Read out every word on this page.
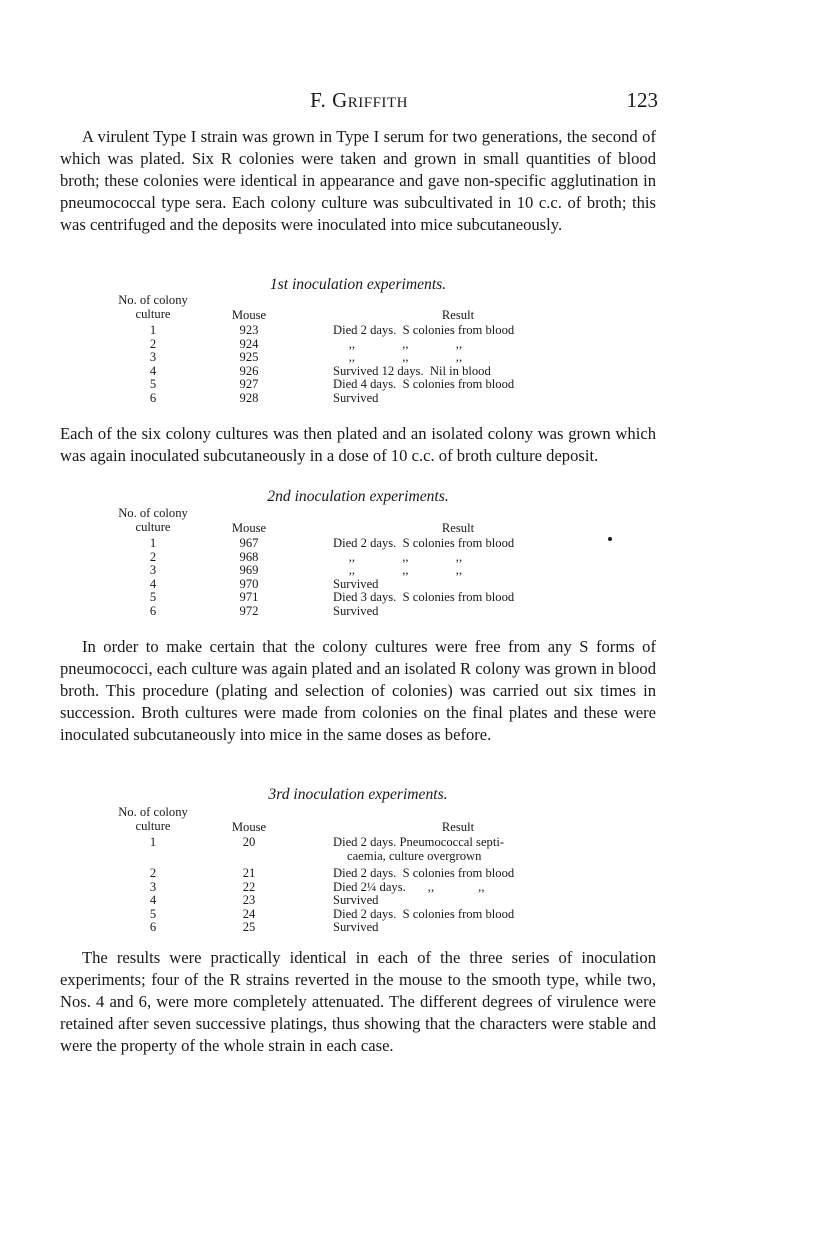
F. Griffith	123

A virulent Type I strain was grown in Type I serum for two generations, the second of which was plated. Six R colonies were taken and grown in small quantities of blood broth; these colonies were identical in appearance and gave non-specific agglutination in pneumococcal type sera. Each colony culture was subcultivated in 10 c.c. of broth; this was centrifuged and the deposits were inoculated into mice subcutaneously.

1st inoculation experiments.
No. of colony culture	Mouse	Result
1	923	Died 2 days.  S colonies from blood
2	924	,,               ,,               ,,
3	925	,,               ,,               ,,
4	926	Survived 12 days.  Nil in blood
5	927	Died 4 days.  S colonies from blood
6	928	Survived

Each of the six colony cultures was then plated and an isolated colony was grown which was again inoculated subcutaneously in a dose of 10 c.c. of broth culture deposit.

2nd inoculation experiments.
No. of colony culture	Mouse	Result
1	967	Died 2 days.  S colonies from blood
2	968	,,               ,,               ,,
3	969	,,               ,,               ,,
4	970	Survived
5	971	Died 3 days.  S colonies from blood
6	972	Survived

In order to make certain that the colony cultures were free from any S forms of pneumococci, each culture was again plated and an isolated R colony was grown in blood broth. This procedure (plating and selection of colonies) was carried out six times in succession. Broth cultures were made from colonies on the final plates and these were inoculated subcutaneously into mice in the same doses as before.

3rd inoculation experiments.
No. of colony culture	Mouse	Result
1	20	Died 2 days. Pneumococcal septi-
caemia, culture overgrown
2	21	Died 2 days.  S colonies from blood
3	22	Died 2¼ days.       ,,              ,,
4	23	Survived
5	24	Died 2 days.  S colonies from blood
6	25	Survived

The results were practically identical in each of the three series of inoculation experiments; four of the R strains reverted in the mouse to the smooth type, while two, Nos. 4 and 6, were more completely attenuated. The different degrees of virulence were retained after seven successive platings, thus showing that the characters were stable and were the property of the whole strain in each case.
